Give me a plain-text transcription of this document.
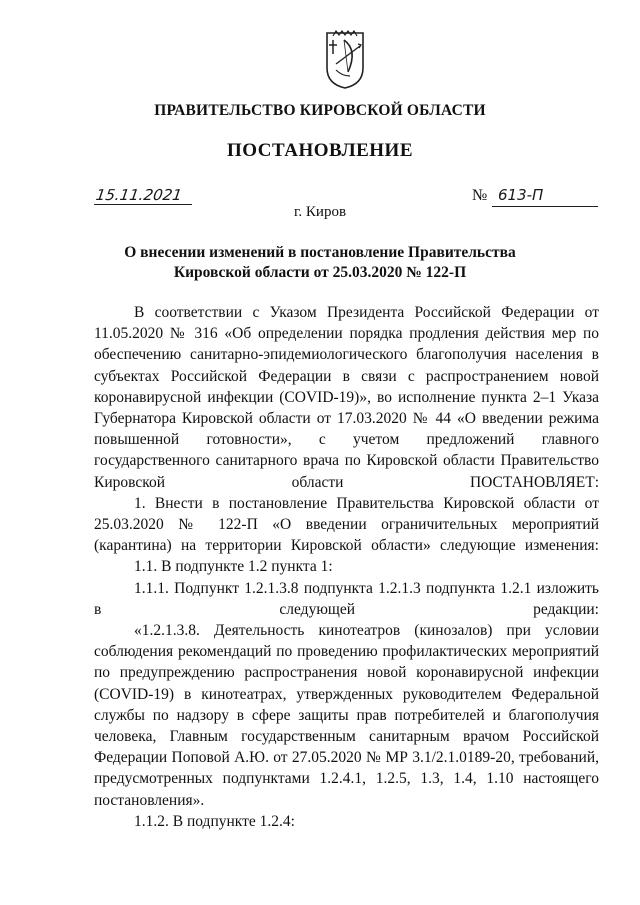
ПРАВИТЕЛЬСТВО КИРОВСКОЙ ОБЛАСТИ
ПОСТАНОВЛЕНИЕ
15.11.2021	№ 613-П
г. Киров
О внесении изменений в постановление Правительства
Кировской области от 25.03.2020 № 122-П

В соответствии с Указом Президента Российской Федерации от 11.05.2020 № 316 «Об определении порядка продления действия мер по обеспечению санитарно-эпидемиологического благополучия населения в субъектах Российской Федерации в связи с распространением новой коронавирусной инфекции (COVID-19)», во исполнение пункта 2–1 Указа Губернатора Кировской области от 17.03.2020 № 44 «О введении режима повышенной готовности», с учетом предложений главного государственного санитарного врача по Кировской области Правительство Кировской области ПОСТАНОВЛЯЕТ:

1. Внести в постановление Правительства Кировской области от 25.03.2020 № 122-П «О введении ограничительных мероприятий (карантина) на территории Кировской области» следующие изменения:

1.1. В подпункте 1.2 пункта 1:

1.1.1. Подпункт 1.2.1.3.8 подпункта 1.2.1.3 подпункта 1.2.1 изложить в следующей редакции:

«1.2.1.3.8. Деятельность кинотеатров (кинозалов) при условии соблюдения рекомендаций по проведению профилактических мероприятий по предупреждению распространения новой коронавирусной инфекции (COVID-19) в кинотеатрах, утвержденных руководителем Федеральной службы по надзору в сфере защиты прав потребителей и благополучия человека, Главным государственным санитарным врачом Российской Федерации Поповой А.Ю. от 27.05.2020 № МР 3.1/2.1.0189-20, требований, предусмотренных подпунктами 1.2.4.1, 1.2.5, 1.3, 1.4, 1.10 настоящего постановления».

1.1.2. В подпункте 1.2.4:
